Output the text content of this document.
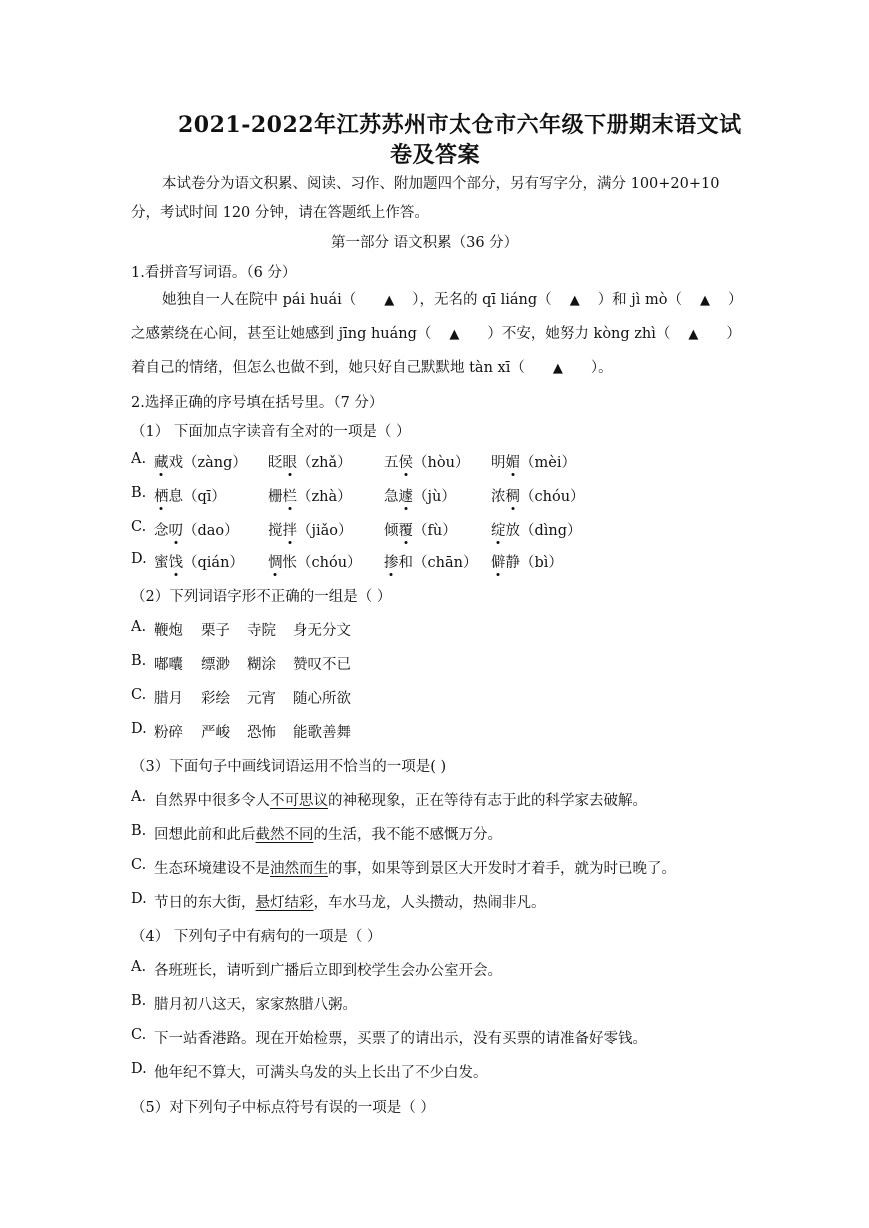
2021-2022年江苏苏州市太仓市六年级下册期末语文试
卷及答案
本试卷分为语文积累、阅读、习作、附加题四个部分，另有写字分，满分 100+20+10
分，考试时间 120 分钟，请在答题纸上作答。
第一部分 语文积累（36 分）
1.看拼音写词语。（6 分）
她独自一人在院中 pái huái（ ▲ ），无名的 qī liáng（ ▲ ）和 jì mò（ ▲ ）
之感萦绕在心间，甚至让她感到 jīng huáng（ ▲ ）不安，她努力 kòng zhì（ ▲ ）
着自己的情绪，但怎么也做不到，她只好自己默默地 tàn xī（ ▲ ）。
2.选择正确的序号填在括号里。（7 分）
（1） 下面加点字读音有全对的一项是（ ）
A. 藏戏（zàng） 眨眼（zhǎ） 五侯（hòu） 明媚（mèi）
B. 栖息（qī）	栅栏（zhà） 急遽（jù） 浓稠（chóu）
C. 念叨（dao） 搅拌（jiǎo） 倾覆（fù） 绽放（dìng）
D. 蜜饯（qián） 惆怅（chóu） 掺和（chān） 僻静（bì）
（2）下列词语字形不正确的一组是（ ）
A. 鞭炮 栗子 寺院 身无分文
B. 嘟囔 缥渺 糊涂 赞叹不已
C. 腊月 彩绘 元宵 随心所欲
D. 粉碎 严峻 恐怖 能歌善舞
（3）下面句子中画线词语运用不恰当的一项是( )
A. 自然界中很多令人不可思议的神秘现象，正在等待有志于此的科学家去破解。
B. 回想此前和此后截然不同的生活，我不能不感慨万分。
C. 生态环境建设不是油然而生的事，如果等到景区大开发时才着手，就为时已晚了。
D. 节日的东大街，悬灯结彩，车水马龙，人头攒动，热闹非凡。
（4） 下列句子中有病句的一项是（ ）
A. 各班班长，请听到广播后立即到校学生会办公室开会。
B. 腊月初八这天，家家熬腊八粥。
C. 下一站香港路。现在开始检票，买票了的请出示，没有买票的请准备好零钱。
D. 他年纪不算大，可满头乌发的头上长出了不少白发。
（5）对下列句子中标点符号有误的一项是（ ）
